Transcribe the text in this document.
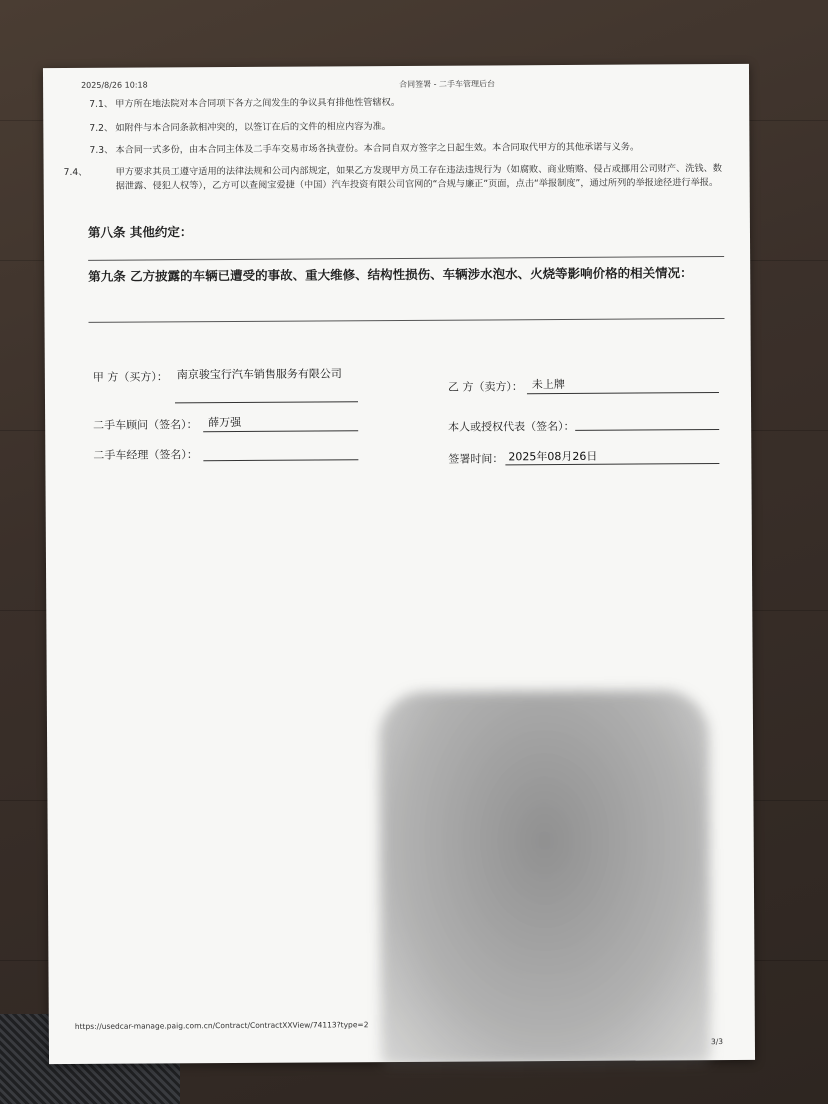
2025/8/26 10:18	合同签署 - 二手车管理后台
7.1、 甲方所在地法院对本合同项下各方之间发生的争议具有排他性管辖权。
7.2、 如附件与本合同条款相冲突的，以签订在后的文件的相应内容为准。
7.3、 本合同一式多份，由本合同主体及二手车交易市场各执壹份。本合同自双方签字之日起生效。本合同取代甲方的其他承诺与义务。
7.4、	甲方要求其员工遵守适用的法律法规和公司内部规定，如果乙方发现甲方员工存在违法违规行为（如腐败、商业贿赂、侵占或挪用公司财产、洗钱、数据泄露、侵犯人权等），乙方可以查阅宝爱捷（中国）汽车投资有限公司官网的“合规与廉正”页面，点击“举报制度”，通过所列的举报途径进行举报。
第八条 其他约定：
第九条 乙方披露的车辆已遭受的事故、重大维修、结构性损伤、车辆涉水泡水、火烧等影响价格的相关情况：
甲 方（买方）： 南京骏宝行汽车销售服务有限公司
二手车顾问（签名）： 薛万强
二手车经理（签名）：
乙 方（卖方）： 未上牌
本人或授权代表（签名）：
签署时间： 2025年08月26日
https://usedcar-manage.paig.com.cn/Contract/ContractXXView/74113?type=2
3/3
